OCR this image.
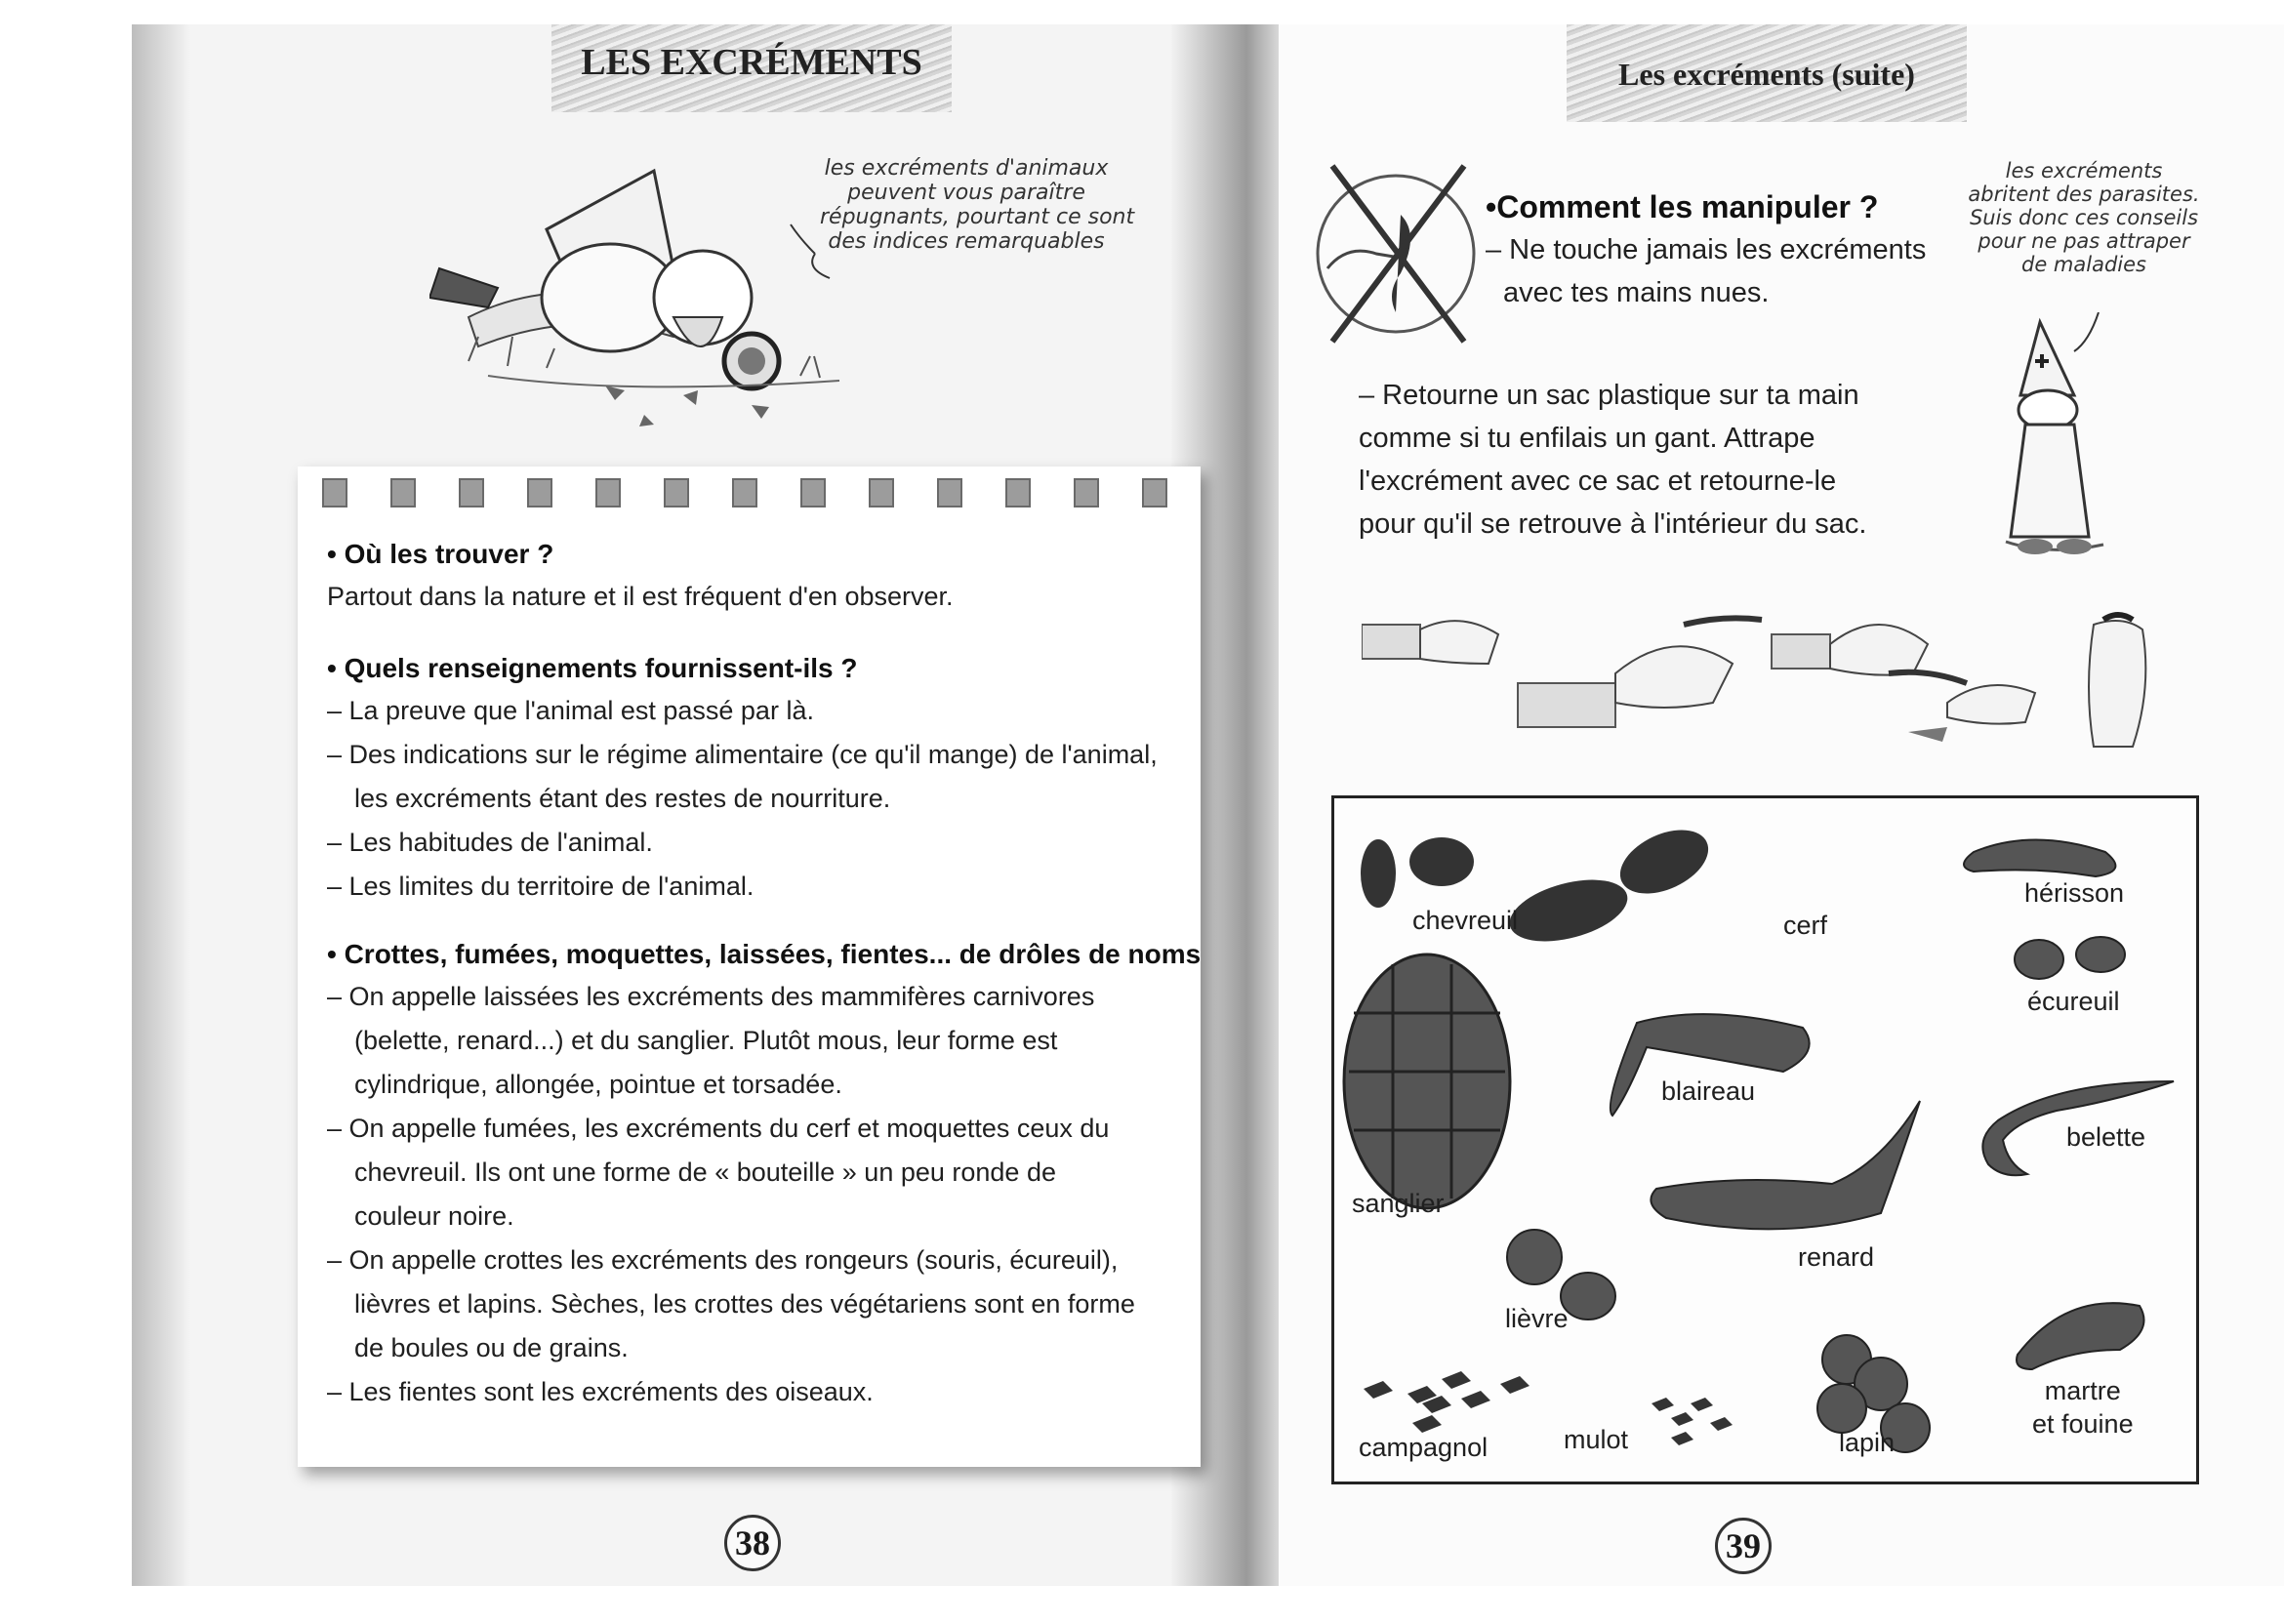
LES EXCRÉMENTS
les excréments d'animaux
peuvent vous paraître
répugnants, pourtant ce sont
des indices remarquables
• Où les trouver ?
Partout dans la nature et il est fréquent d'en observer.
• Quels renseignements fournissent-ils ?
– La preuve que l'animal est passé par là.
– Des indications sur le régime alimentaire (ce qu'il mange) de l'animal,
les excréments étant des restes de nourriture.
– Les habitudes de l'animal.
– Les limites du territoire de l'animal.
• Crottes, fumées, moquettes, laissées, fientes... de drôles de noms
– On appelle laissées les excréments des mammifères carnivores
(belette, renard...) et du sanglier. Plutôt mous, leur forme est
cylindrique, allongée, pointue et torsadée.
– On appelle fumées, les excréments du cerf et moquettes ceux du
chevreuil. Ils ont une forme de « bouteille » un peu ronde de
couleur noire.
– On appelle crottes les excréments des rongeurs (souris, écureuil),
lièvres et lapins. Sèches, les crottes des végétariens sont en forme
de boules ou de grains.
– Les fientes sont les excréments des oiseaux.
38
Les excréments (suite)
•Comment les manipuler ?
– Ne touche jamais les excréments
avec tes mains nues.
les excréments
abritent des parasites.
Suis donc ces conseils
pour ne pas attraper
de maladies
– Retourne un sac plastique sur ta main
comme si tu enfilais un gant. Attrape
l'excrément avec ce sac et retourne-le
pour qu'il se retrouve à l'intérieur du sac.
chevreuil	cerf
hérisson
écureuil
blaireau
sanglier
belette
renard
lièvre
martre
et fouine
campagnol	mulot	lapin
39
